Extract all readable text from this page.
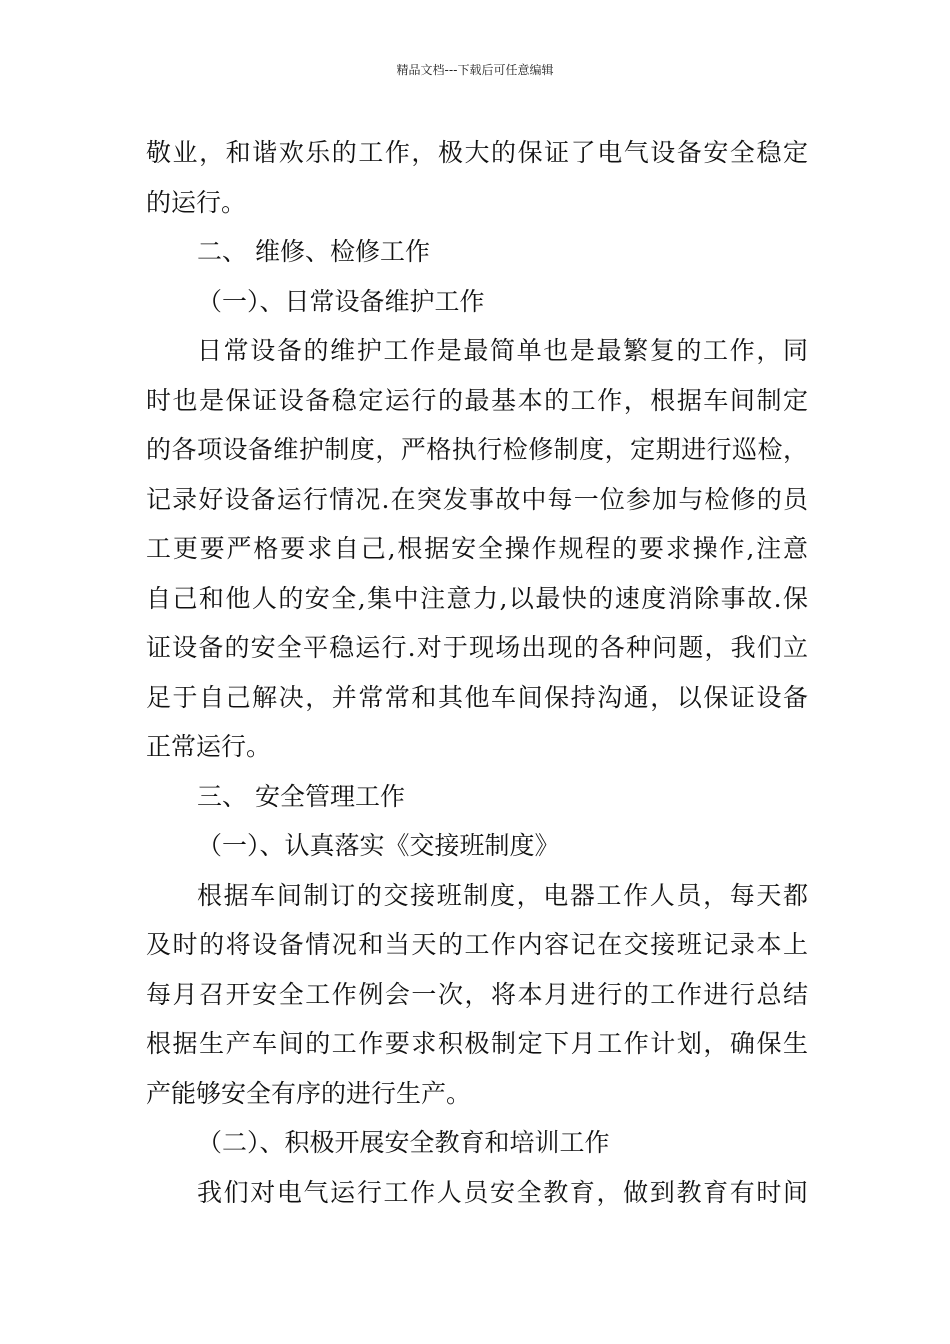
精品文档---下载后可任意编辑
敬业，和谐欢乐的工作，极大的保证了电气设备安全稳定
的运行。
二、 维修、检修工作
（一）、日常设备维护工作
日常设备的维护工作是最简单也是最繁复的工作，同
时也是保证设备稳定运行的最基本的工作，根据车间制定
的各项设备维护制度，严格执行检修制度，定期进行巡检，
记录好设备运行情况.在突发事故中每一位参加与检修的员
工更要严格要求自己,根据安全操作规程的要求操作,注意
自己和他人的安全,集中注意力,以最快的速度消除事故.保
证设备的安全平稳运行.对于现场出现的各种问题，我们立
足于自己解决，并常常和其他车间保持沟通，以保证设备
正常运行。
三、 安全管理工作
（一）、认真落实《交接班制度》
根据车间制订的交接班制度，电器工作人员，每天都
及时的将设备情况和当天的工作内容记在交接班记录本上
每月召开安全工作例会一次，将本月进行的工作进行总结
根据生产车间的工作要求积极制定下月工作计划，确保生
产能够安全有序的进行生产。
（二）、积极开展安全教育和培训工作
我们对电气运行工作人员安全教育，做到教育有时间
